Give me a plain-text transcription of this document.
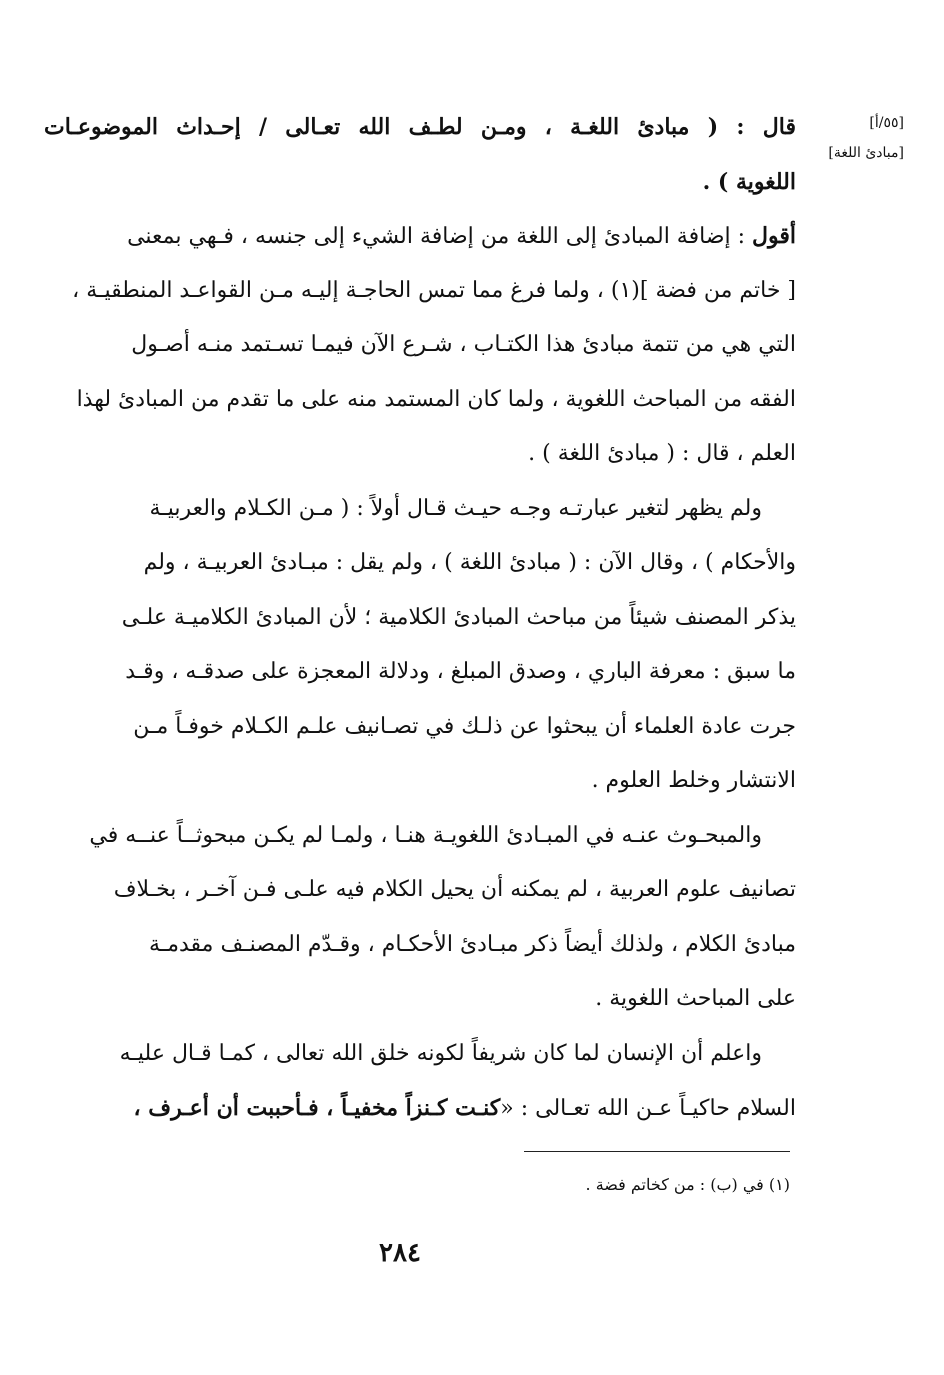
[٥٥/أ]
[مبادئ اللغة]
قال : ( مبادئ اللغـة ، ومـن لطـف الله تعـالى / إحـداث الموضوعـات
اللغوية ) .
أقول : إضافة المبادئ إلى اللغة من إضافة الشيء إلى جنسه ، فـهي بمعنى
[ خاتم من فضة ](١) ، ولما فرغ مما تمس الحاجـة إليـه مـن القواعـد المنطقيـة ،
التي هي من تتمة مبادئ هذا الكتـاب ، شـرع الآن فيمـا تسـتمد منـه أصـول
الفقه من المباحث اللغوية ، ولما كان المستمد منه على ما تقدم من المبادئ لهذا
العلم ، قال : ( مبادئ اللغة ) .
ولم يظهر لتغير عبارتـه وجـه حيـث قـال أولاً : ( مـن الكـلام والعربيـة
والأحكام ) ، وقال الآن : ( مبادئ اللغة ) ، ولم يقل : مبـادئ العربيـة ، ولم
يذكر المصنف شيئاً من مباحث المبادئ الكلامية ؛ لأن المبادئ الكلاميـة علـى
ما سبق : معرفة الباري ، وصدق المبلغ ، ودلالة المعجزة على صدقـه ، وقـد
جرت عادة العلماء أن يبحثوا عن ذلـك في تصـانيف علـم الكـلام خوفـاً مـن
الانتشار وخلط العلوم .
والمبحـوث عنـه في المبـادئ اللغويـة هنـا ، ولمـا لم يكـن مبحوثــاً عنــه في
تصانيف علوم العربية ، لم يمكنه أن يحيل الكلام فيه علـى فـن آخـر ، بخـلاف
مبادئ الكلام ، ولذلك أيضاً ذكر مبـادئ الأحكـام ، وقـدّم المصنـف مقدمـة
على المباحث اللغوية .
واعلم أن الإنسان لما كان شريفاً لكونه خلق الله تعالى ، كمـا قـال عليـه
السلام حاكيـاً عـن الله تعـالى : «كنـت كـنزاً مخفيـاً ، فـأحببت أن أعـرف ،
(١) في (ب) : من كخاتم فضة .
٢٨٤
